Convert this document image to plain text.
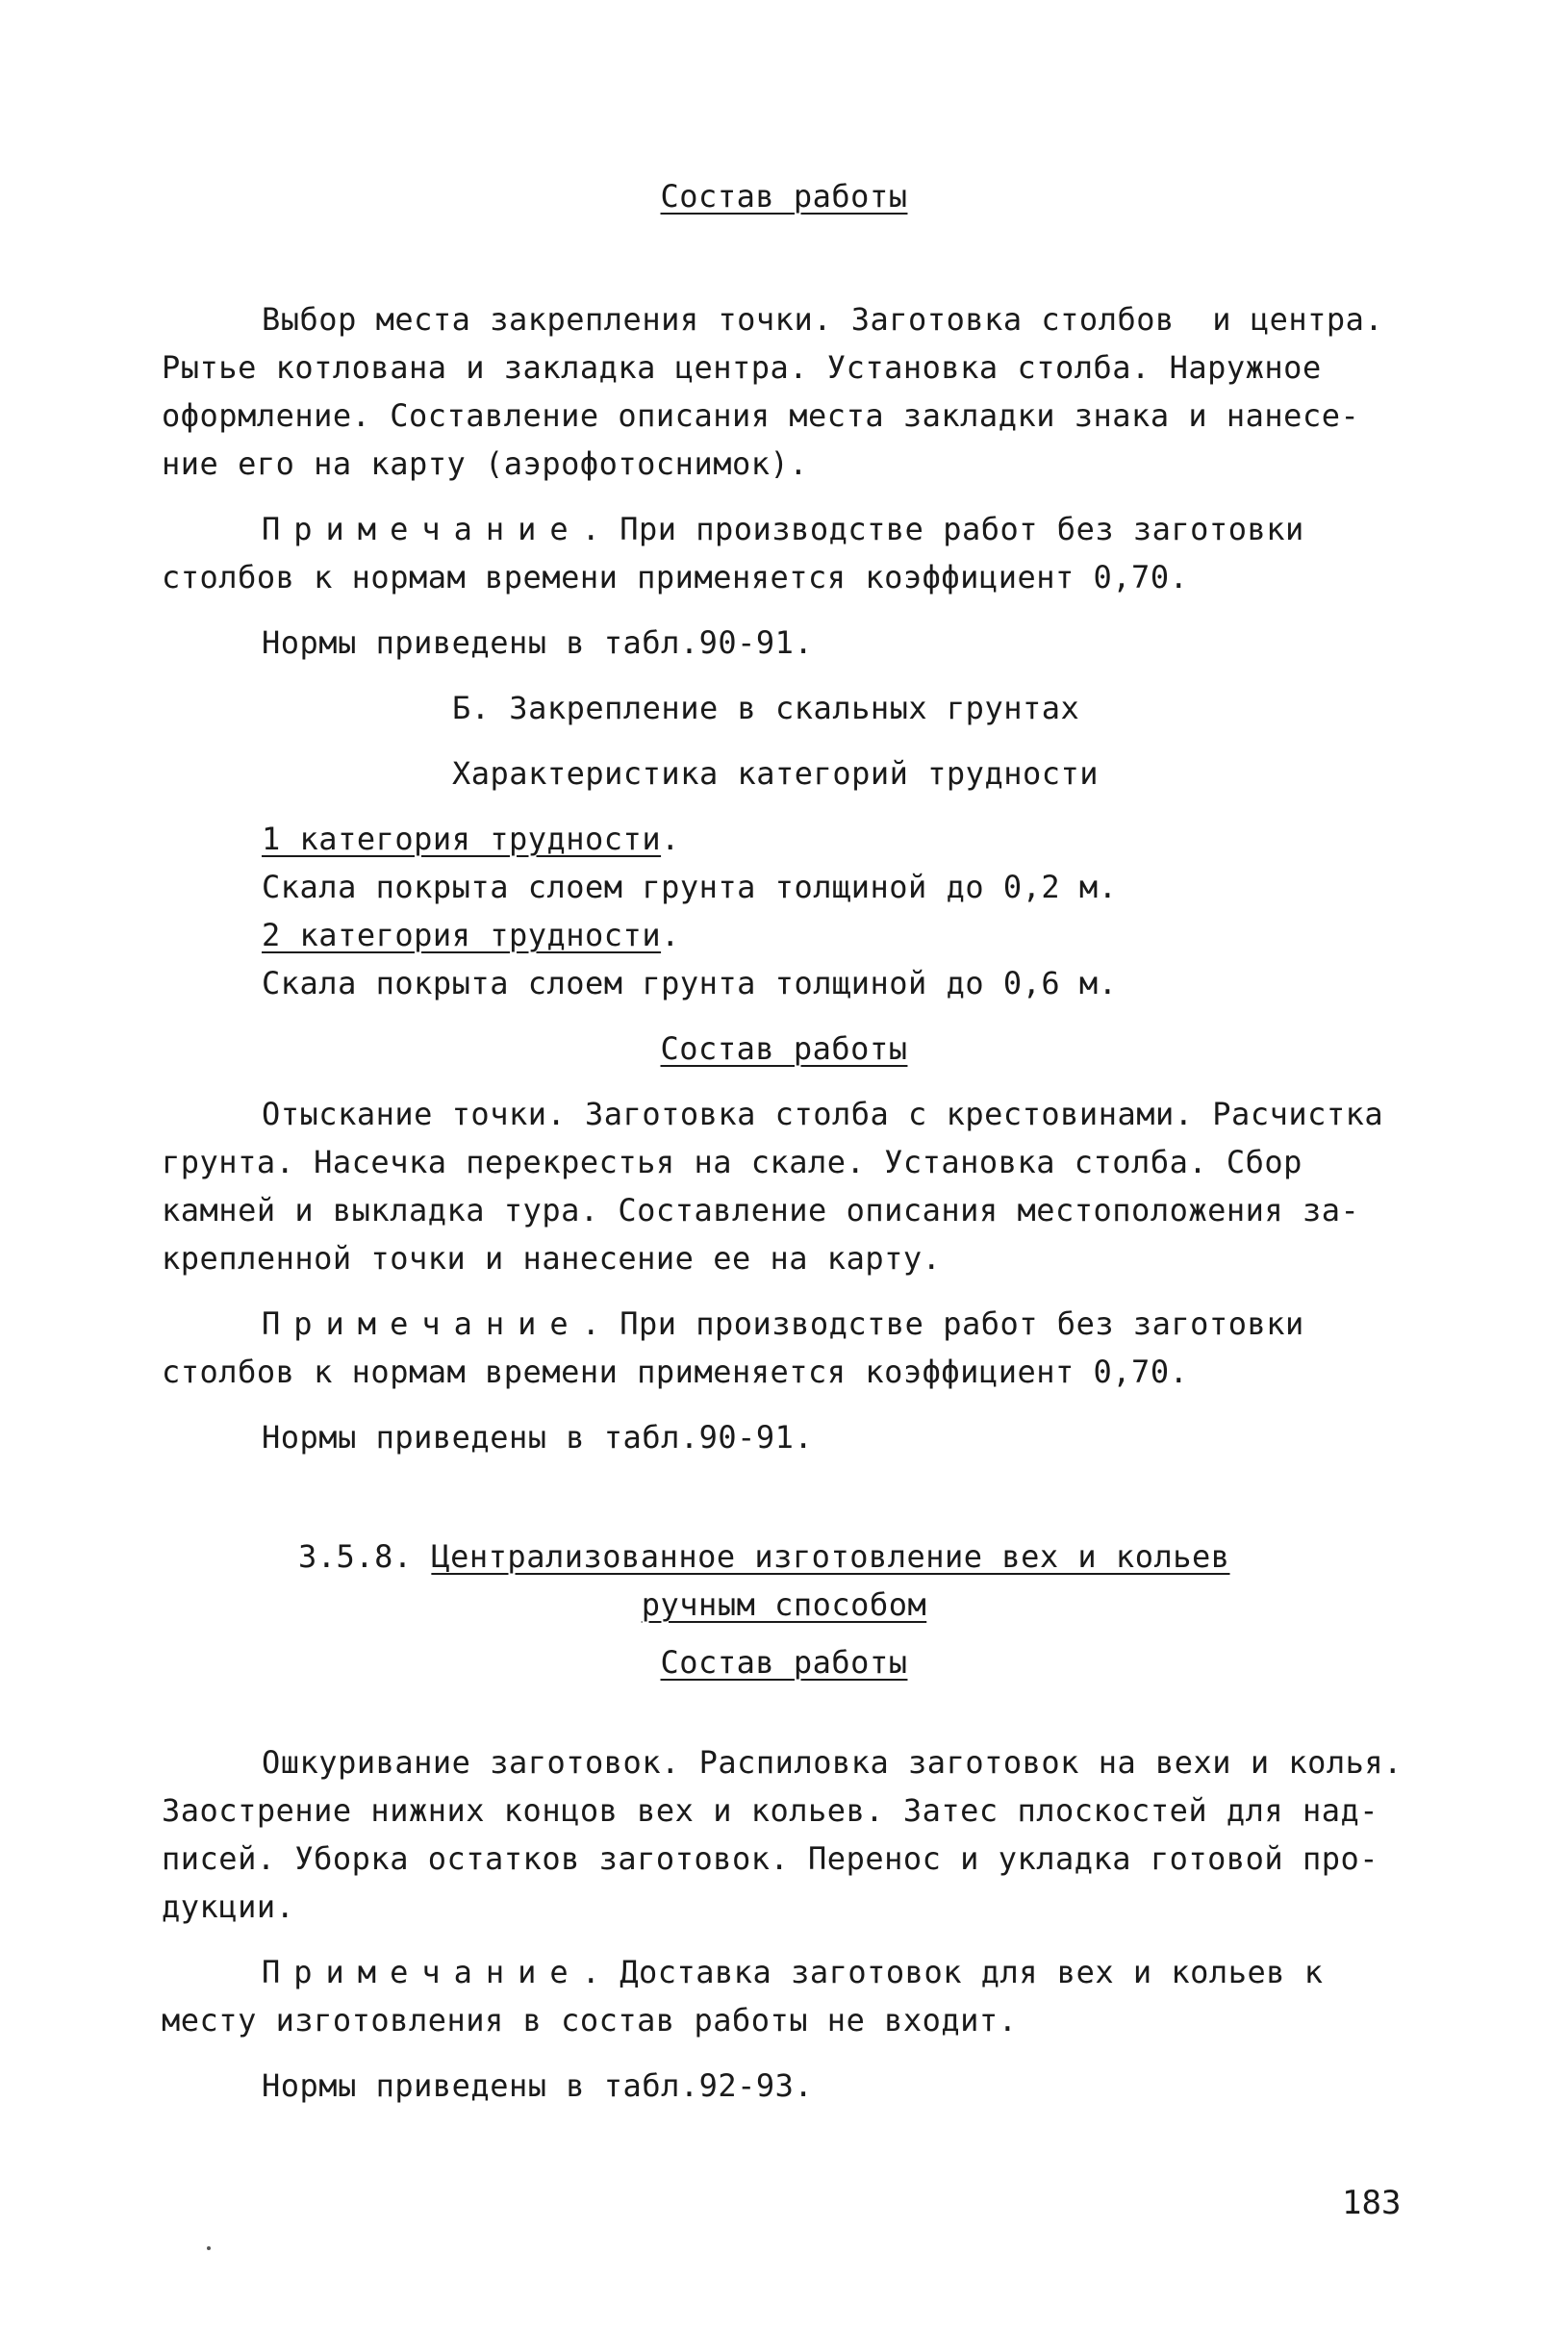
Состав работы
Выбор места закрепления точки. Заготовка столбов  и центра.
Рытье котлована и закладка центра. Установка столба. Наружное
оформление. Составление описания места закладки знака и нанесе-
ние его на карту (аэрофотоснимок).
Примечание. При производстве работ без заготовки
столбов к нормам времени применяется коэффициент 0,70.
Нормы приведены в табл.90-91.
Б. Закрепление в скальных грунтах
Характеристика категорий трудности
1 категория трудности.
Скала покрыта слоем грунта толщиной до 0,2 м.
2 категория трудности.
Скала покрыта слоем грунта толщиной до 0,6 м.
Состав работы
Отыскание точки. Заготовка столба с крестовинами. Расчистка
грунта. Насечка перекрестья на скале. Установка столба. Сбор
камней и выкладка тура. Составление описания местоположения за-
крепленной точки и нанесение ее на карту.
Примечание. При производстве работ без заготовки
столбов к нормам времени применяется коэффициент 0,70.
Нормы приведены в табл.90-91.
3.5.8. Централизованное изготовление вех и кольев
ручным способом
Состав работы
Ошкуривание заготовок. Распиловка заготовок на вехи и колья.
Заострение нижних концов вех и кольев. Затес плоскостей для над-
писей. Уборка остатков заготовок. Перенос и укладка готовой про-
дукции.
Примечание. Доставка заготовок для вех и кольев к
месту изготовления в состав работы не входит.
Нормы приведены в табл.92-93.
183
